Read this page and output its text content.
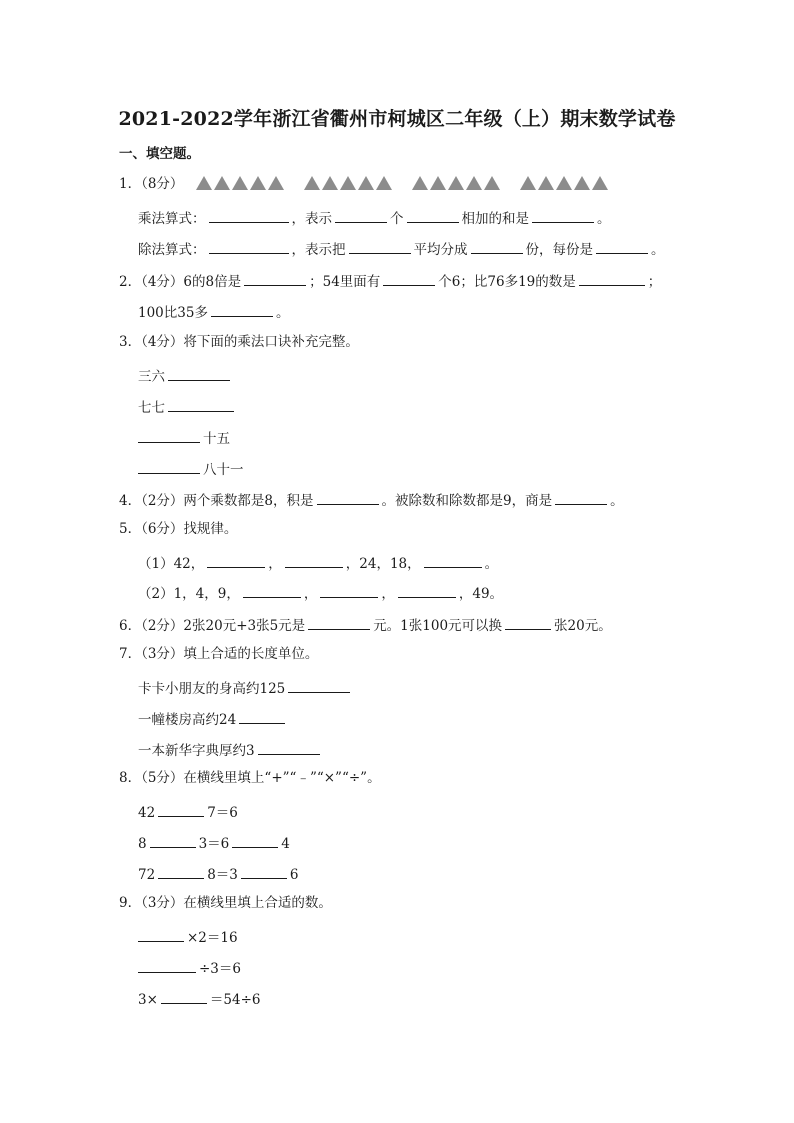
2021-2022学年浙江省衢州市柯城区二年级（上）期末数学试卷
一、填空题。
1．（8分）
乘法算式：	，表示	个	相加的和是	。
除法算式：	，表示把	平均分成	份，每份是	。
2．（4分）6的8倍是	；54里面有	个6；比76多19的数是	；
100比35多	。
3．（4分）将下面的乘法口诀补充完整。
三六
七七
十五
八十一
4．（2分）两个乘数都是8，积是	。被除数和除数都是9，商是	。
5．（6分）找规律。
（1）42，	，	，24，18，	。
（2）1，4，9，	，	，	，49。
6．（2分）2张20元+3张5元是	元。1张100元可以换	张20元。
7．（3分）填上合适的长度单位。
卡卡小朋友的身高约125
一幢楼房高约24
一本新华字典厚约3
8．（5分）在横线里填上“+”“﹣”“×”“÷”。
42	7＝6
8	3＝6	4
72	8＝3	6
9．（3分）在横线里填上合适的数。
×2＝16
÷3＝6
3×	＝54÷6
